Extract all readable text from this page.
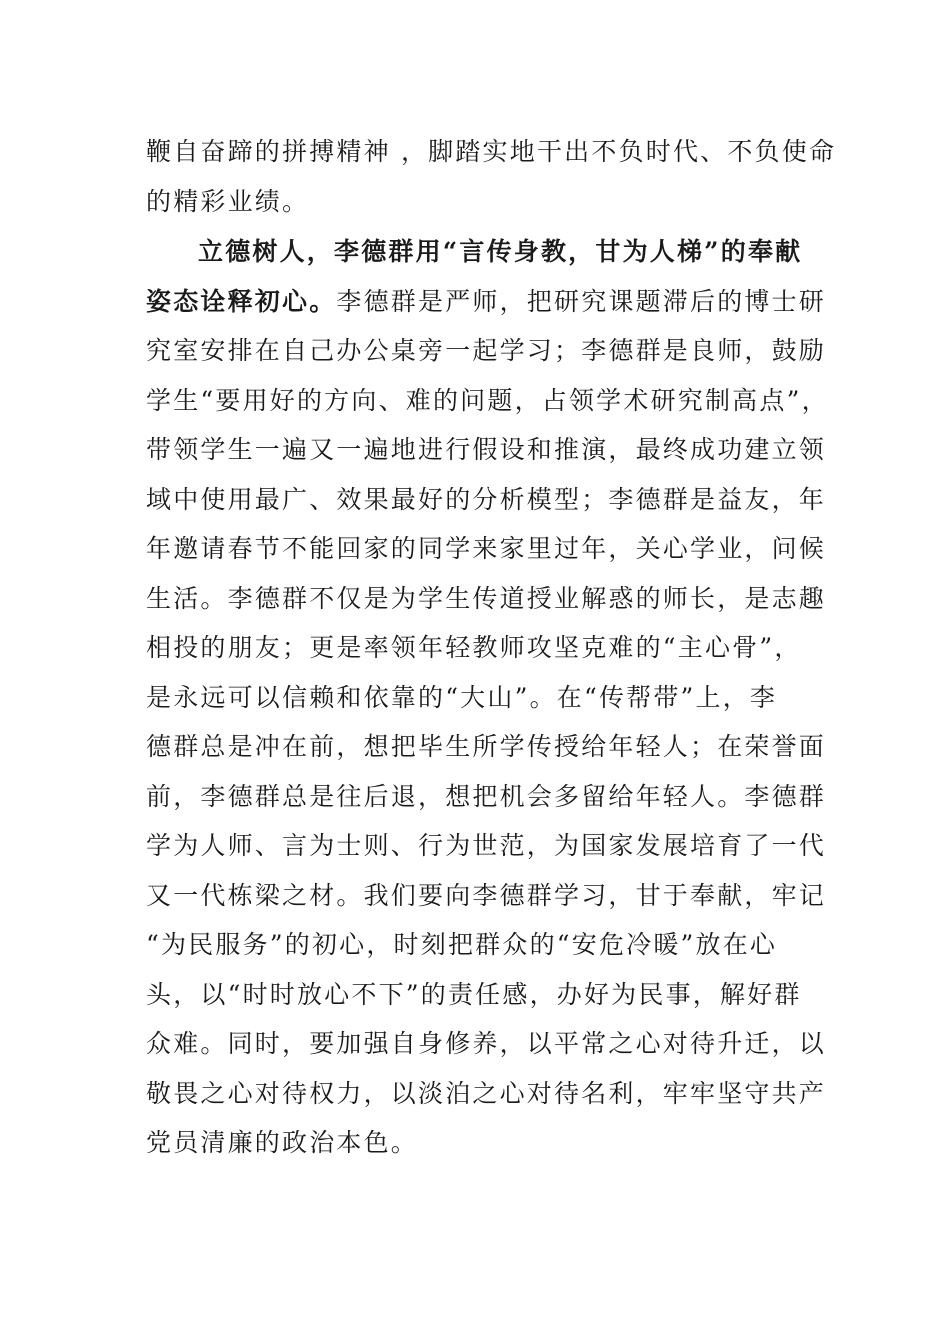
鞭自奋蹄的拼搏精神 ，脚踏实地干出不负时代、不负使命
的精彩业绩。
立德树人，李德群用“言传身教，甘为人梯”的奉献
姿态诠释初心。李德群是严师，把研究课题滞后的博士研
究室安排在自己办公桌旁一起学习；李德群是良师，鼓励
学生“要用好的方向、难的问题，占领学术研究制高点”，
带领学生一遍又一遍地进行假设和推演，最终成功建立领
域中使用最广、效果最好的分析模型；李德群是益友，年
年邀请春节不能回家的同学来家里过年，关心学业，问候
生活。李德群不仅是为学生传道授业解惑的师长，是志趣
相投的朋友；更是率领年轻教师攻坚克难的“主心骨”，
是永远可以信赖和依靠的“大山”。在“传帮带”上，李
德群总是冲在前，想把毕生所学传授给年轻人；在荣誉面
前，李德群总是往后退，想把机会多留给年轻人。李德群
学为人师、言为士则、行为世范，为国家发展培育了一代
又一代栋梁之材。我们要向李德群学习，甘于奉献，牢记
“为民服务”的初心，时刻把群众的“安危冷暖”放在心
头，以“时时放心不下”的责任感，办好为民事，解好群
众难。同时，要加强自身修养，以平常之心对待升迁，以
敬畏之心对待权力，以淡泊之心对待名利，牢牢坚守共产
党员清廉的政治本色。
